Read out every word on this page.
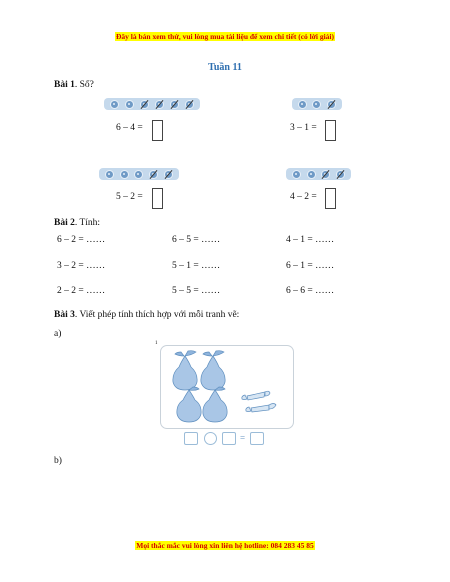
Đây là bản xem thử, vui lòng mua tài liệu để xem chi tiết (có lời giải)
Tuần 11
Bài 1. Số?
6 – 4 =	3 – 1 =
5 – 2 =	4 – 2 =
Bài 2. Tính:
6 – 2 = ……	6 – 5 = ……	4 – 1 = ……
3 – 2 = ……	5 – 1 = ……	6 – 1 = ……
2 – 2 = ……	5 – 5 = ……	6 – 6 = ……
Bài 3. Viết phép tính thích hợp với mỗi tranh vẽ:
a)
1
=
b)
Mọi thắc mắc vui lòng xin liên hệ hotline: 084 283 45 85
